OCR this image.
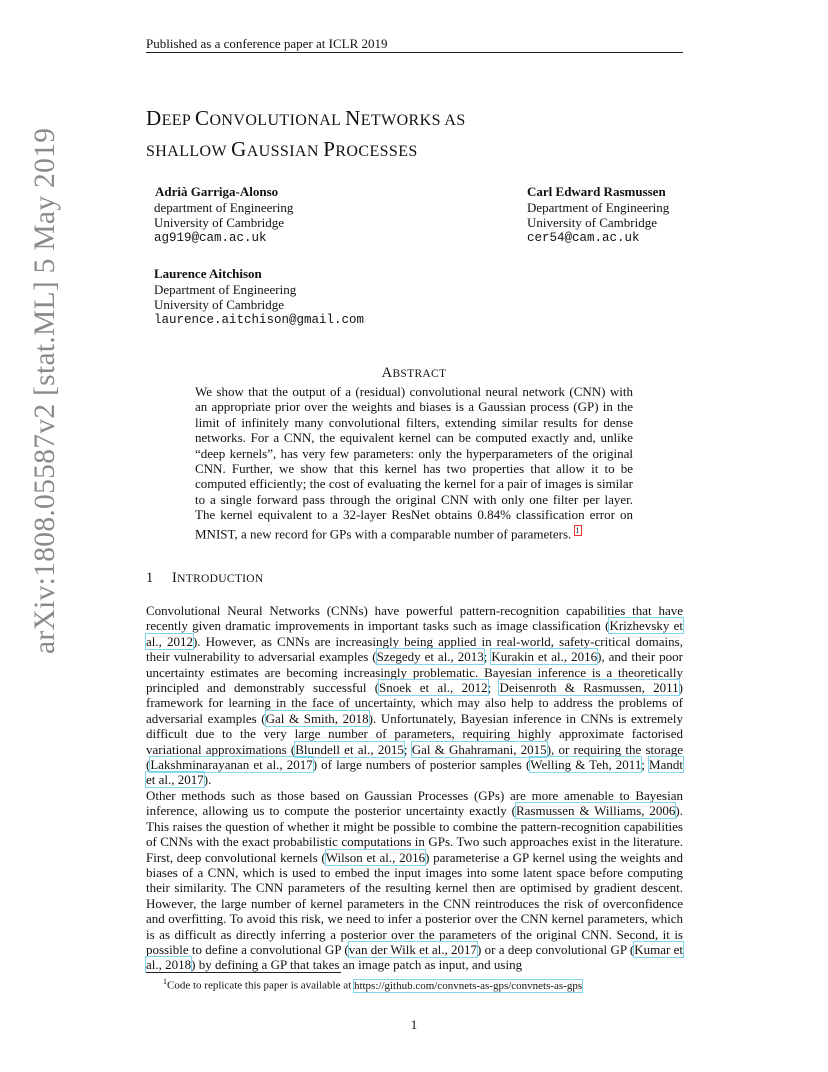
Published as a conference paper at ICLR 2019
arXiv:1808.05587v2 [stat.ML] 5 May 2019
DEEP CONVOLUTIONAL NETWORKS AS
SHALLOW GAUSSIAN PROCESSES
Adrià Garriga-Alonso
department of Engineering
University of Cambridge
ag919@cam.ac.uk
Carl Edward Rasmussen
Department of Engineering
University of Cambridge
cer54@cam.ac.uk
Laurence Aitchison
Department of Engineering
University of Cambridge
laurence.aitchison@gmail.com
ABSTRACT
We show that the output of a (residual) convolutional neural network (CNN) with an appropriate prior over the weights and biases is a Gaussian process (GP) in the limit of infinitely many convolutional filters, extending similar results for dense networks. For a CNN, the equivalent kernel can be computed exactly and, unlike “deep kernels”, has very few parameters: only the hyperparameters of the original CNN. Further, we show that this kernel has two properties that allow it to be computed efficiently; the cost of evaluating the kernel for a pair of images is similar to a single forward pass through the original CNN with only one filter per layer. The kernel equivalent to a 32-layer ResNet obtains 0.84% classification error on MNIST, a new record for GPs with a comparable number of parameters. $^1$
1 INTRODUCTION
Convolutional Neural Networks (CNNs) have powerful pattern-recognition capabilities that have recently given dramatic improvements in important tasks such as image classification (Krizhevsky et al., 2012). However, as CNNs are increasingly being applied in real-world, safety-critical domains, their vulnerability to adversarial examples (Szegedy et al., 2013; Kurakin et al., 2016), and their poor uncertainty estimates are becoming increasingly problematic. Bayesian inference is a theoretically principled and demonstrably successful (Snoek et al., 2012; Deisenroth & Rasmussen, 2011) framework for learning in the face of uncertainty, which may also help to address the problems of adversarial examples (Gal & Smith, 2018). Unfortunately, Bayesian inference in CNNs is extremely difficult due to the very large number of parameters, requiring highly approximate factorised variational approximations (Blundell et al., 2015; Gal & Ghahramani, 2015), or requiring the storage (Lakshminarayanan et al., 2017) of large numbers of posterior samples (Welling & Teh, 2011; Mandt et al., 2017).
Other methods such as those based on Gaussian Processes (GPs) are more amenable to Bayesian inference, allowing us to compute the posterior uncertainty exactly (Rasmussen & Williams, 2006). This raises the question of whether it might be possible to combine the pattern-recognition capabilities of CNNs with the exact probabilistic computations in GPs. Two such approaches exist in the literature. First, deep convolutional kernels (Wilson et al., 2016) parameterise a GP kernel using the weights and biases of a CNN, which is used to embed the input images into some latent space before computing their similarity. The CNN parameters of the resulting kernel then are optimised by gradient descent. However, the large number of kernel parameters in the CNN reintroduces the risk of overconfidence and overfitting. To avoid this risk, we need to infer a posterior over the CNN kernel parameters, which is as difficult as directly inferring a posterior over the parameters of the original CNN. Second, it is possible to define a convolutional GP (van der Wilk et al., 2017) or a deep convolutional GP (Kumar et al., 2018) by defining a GP that takes an image patch as input, and using
$^1$Code to replicate this paper is available at https://github.com/convnets-as-gps/convnets-as-gps
1
